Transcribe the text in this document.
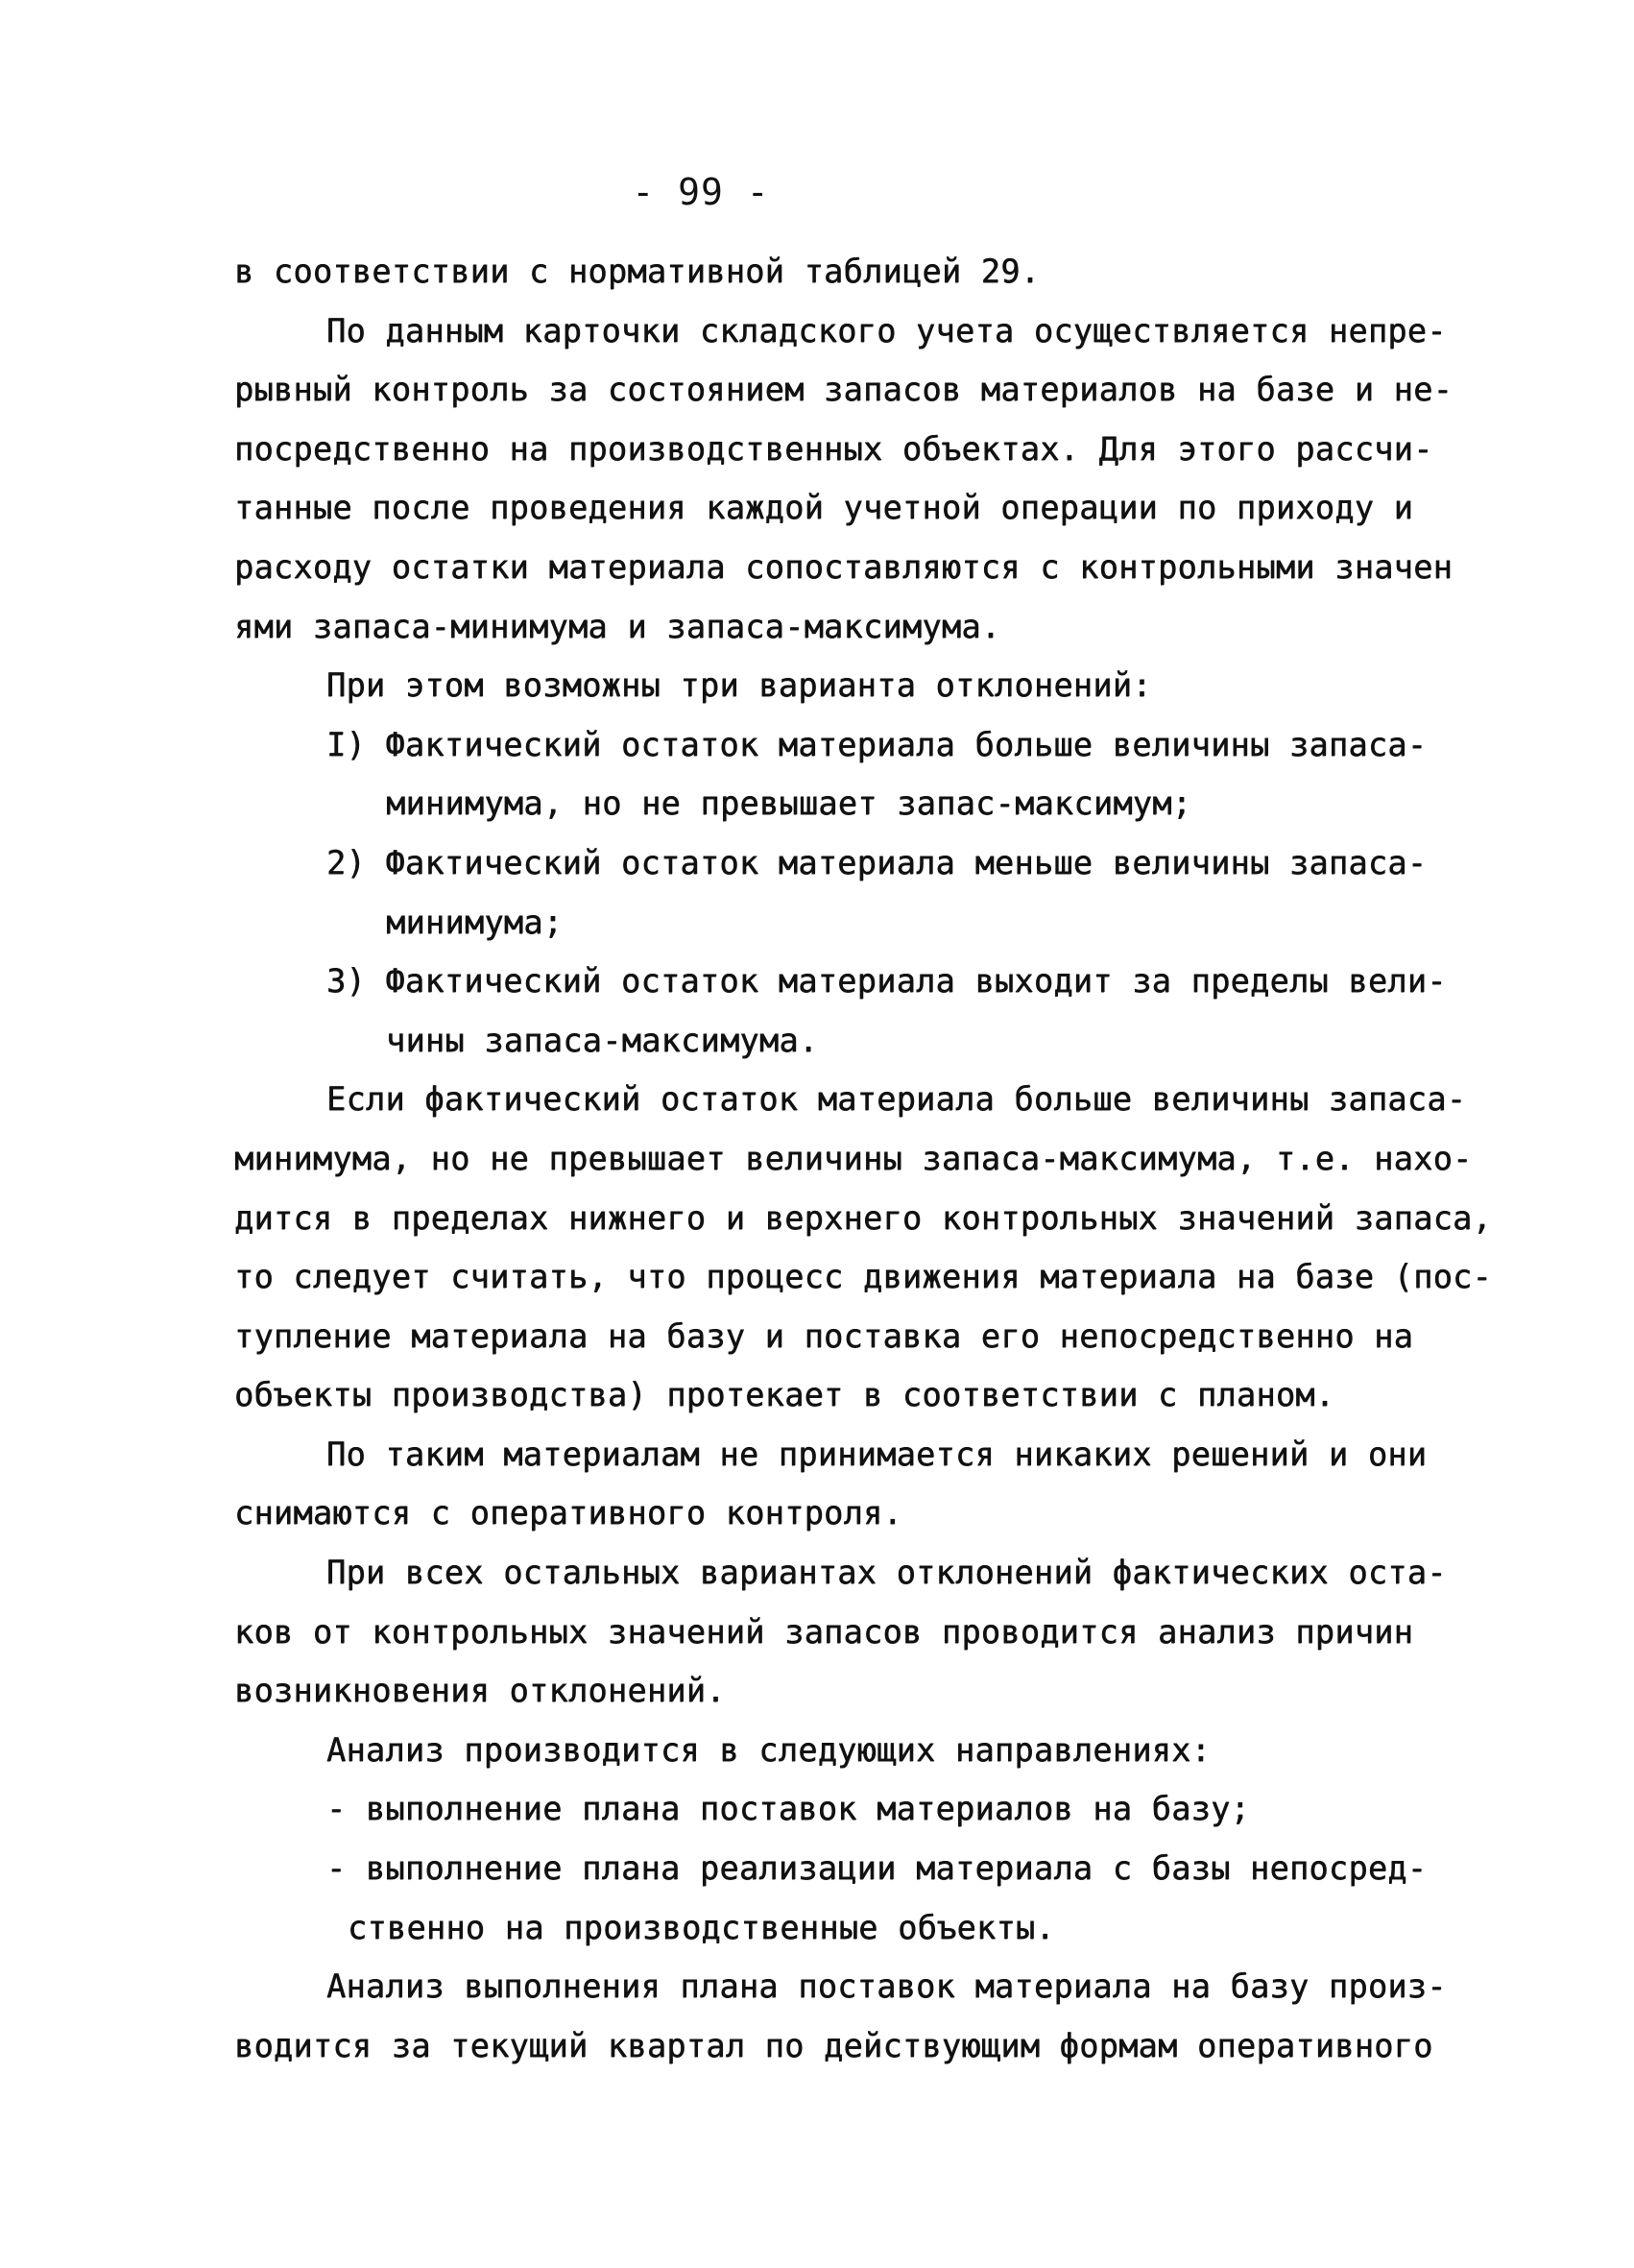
- 99 -
в соответствии с нормативной таблицей 29.
По данным карточки складского учета осуществляется непре-
рывный контроль за состоянием запасов материалов на базе и не-
посредственно на производственных объектах. Для этого рассчи-
танные после проведения каждой учетной операции по приходу и
расходу остатки материала сопоставляются с контрольными значен
ями запаса-минимума и запаса-максимума.
При этом возможны три варианта отклонений:
I) Фактический остаток материала больше величины запаса-
минимума, но не превышает запас-максимум;
2) Фактический остаток материала меньше величины запаса-
минимума;
3) Фактический остаток материала выходит за пределы вели-
чины запаса-максимума.
Если фактический остаток материала больше величины запаса-
минимума, но не превышает величины запаса-максимума, т.е. нахо-
дится в пределах нижнего и верхнего контрольных значений запаса,
то следует считать, что процесс движения материала на базе (пос-
тупление материала на базу и поставка его непосредственно на
объекты производства) протекает в соответствии с планом.
По таким материалам не принимается никаких решений и они
снимаются с оперативного контроля.
При всех остальных вариантах отклонений фактических оста-
ков от контрольных значений запасов проводится анализ причин
возникновения отклонений.
Анализ производится в следующих направлениях:
- выполнение плана поставок материалов на базу;
- выполнение плана реализации материала с базы непосред-
ственно на производственные объекты.
Анализ выполнения плана поставок материала на базу произ-
водится за текущий квартал по действующим формам оперативного
